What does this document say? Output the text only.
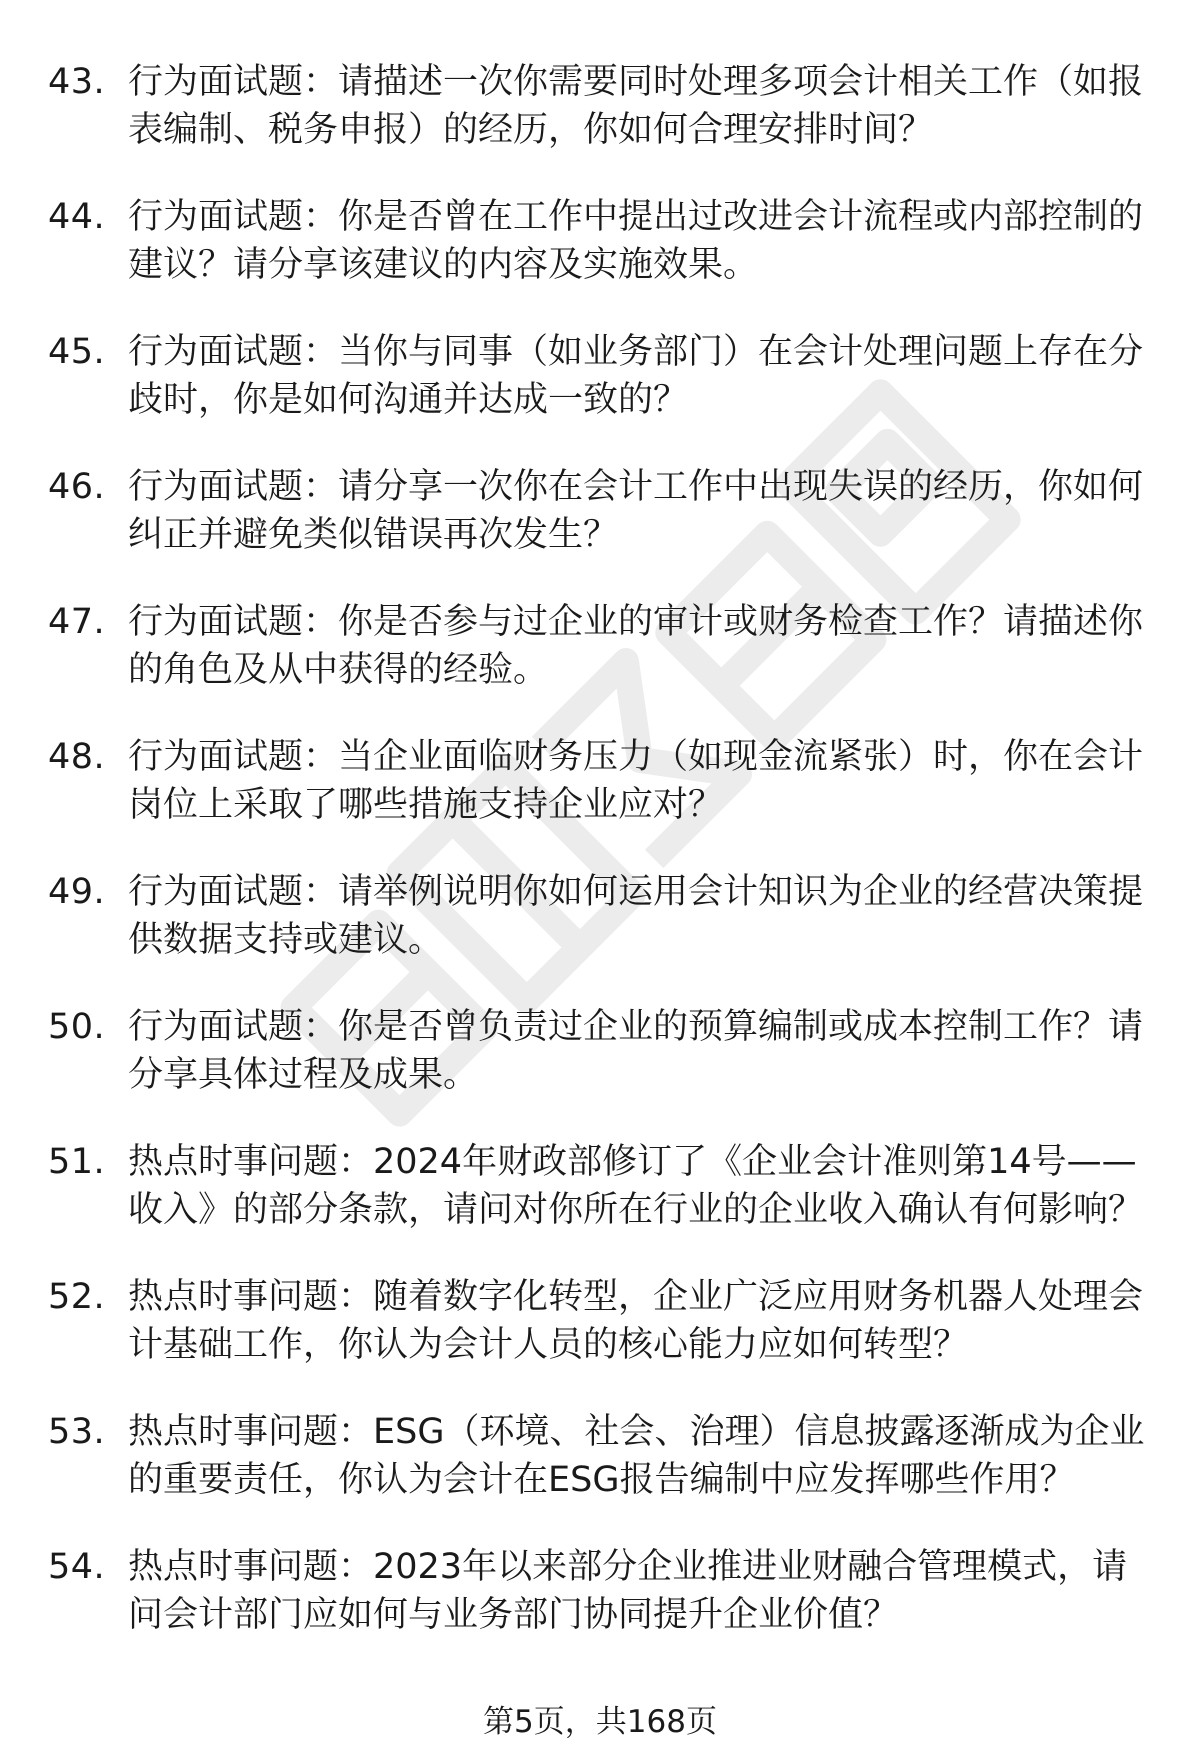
43. 行为面试题：请描述一次你需要同时处理多项会计相关工作（如报表编制、税务申报）的经历，你如何合理安排时间？
44. 行为面试题：你是否曾在工作中提出过改进会计流程或内部控制的建议？请分享该建议的内容及实施效果。
45. 行为面试题：当你与同事（如业务部门）在会计处理问题上存在分歧时，你是如何沟通并达成一致的？
46. 行为面试题：请分享一次你在会计工作中出现失误的经历，你如何纠正并避免类似错误再次发生？
47. 行为面试题：你是否参与过企业的审计或财务检查工作？请描述你的角色及从中获得的经验。
48. 行为面试题：当企业面临财务压力（如现金流紧张）时，你在会计岗位上采取了哪些措施支持企业应对？
49. 行为面试题：请举例说明你如何运用会计知识为企业的经营决策提供数据支持或建议。
50. 行为面试题：你是否曾负责过企业的预算编制或成本控制工作？请分享具体过程及成果。
51. 热点时事问题：2024年财政部修订了《企业会计准则第14号——收入》的部分条款，请问对你所在行业的企业收入确认有何影响？
52. 热点时事问题：随着数字化转型，企业广泛应用财务机器人处理会计基础工作，你认为会计人员的核心能力应如何转型？
53. 热点时事问题：ESG（环境、社会、治理）信息披露逐渐成为企业的重要责任，你认为会计在ESG报告编制中应发挥哪些作用？
54. 热点时事问题：2023年以来部分企业推进业财融合管理模式，请问会计部门应如何与业务部门协同提升企业价值？
第5页，共168页
